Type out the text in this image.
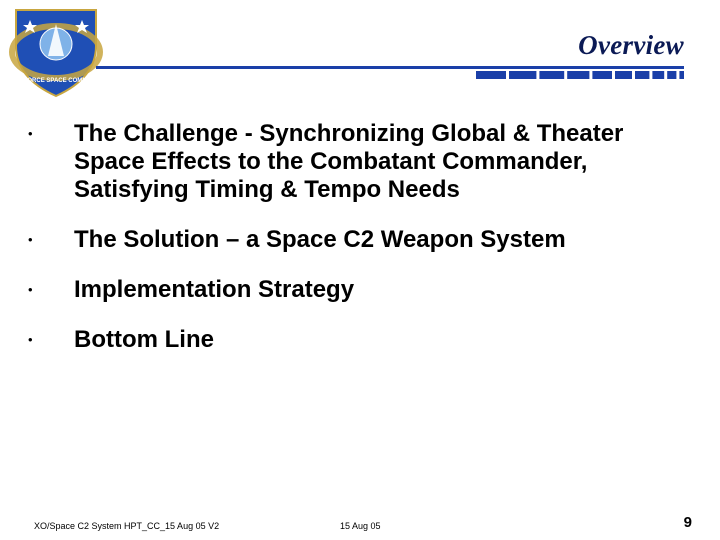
AIR FORCE SPACE COMMAND
Overview
• The Challenge - Synchronizing Global & Theater Space Effects to the Combatant Commander, Satisfying Timing & Tempo Needs
• The Solution – a Space C2 Weapon System
• Implementation Strategy
• Bottom Line
XO/Space C2 System HPT_CC_15 Aug 05 V2	15 Aug 05	9
